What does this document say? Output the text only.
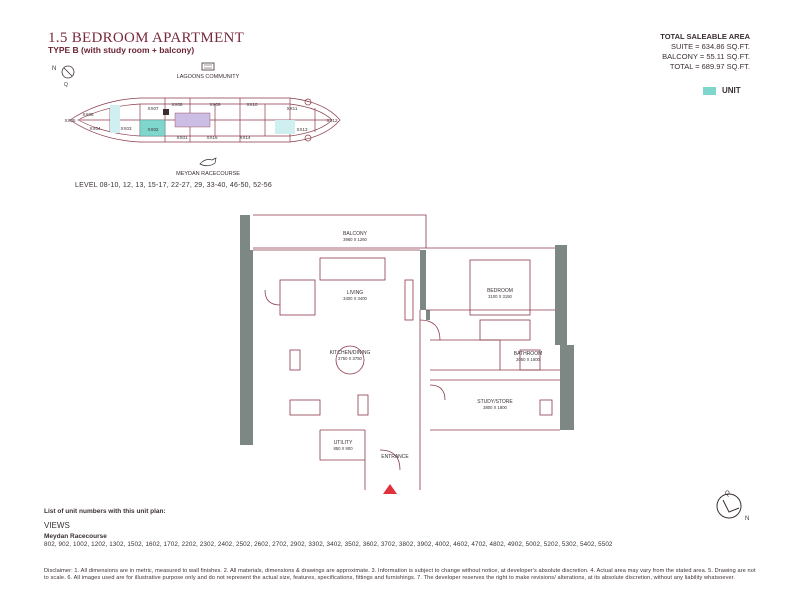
1.5 BEDROOM APARTMENT
TYPE B (with study room + balcony)
TOTAL SALEABLE AREA
SUITE = 634.86 SQ.FT.
BALCONY = 55.11 SQ.FT.
TOTAL = 689.97 SQ.FT.
UNIT
N
Q
LAGOONS COMMUNITY
XX07
XX08	XX09	XX10
XX11
XX06
XX05
XX04	XX03	XX02
XX01	XX16	XX14
XX13
XX12
MEYDAN RACECOURSE
LEVEL 08-10, 12, 13, 15-17, 22-27, 29, 33-40, 46-50, 52-56
BALCONY
3960 X 1260
LIVING
3400 X 3400
KITCHEN/DINING
2750 X 3750
BEDROOM
3100 X 3150
BATHROOM
2050 X 1600
STUDY/STORE
3800 X 1800
UTILITY
850 X 900
ENTRANCE
List of unit numbers with this unit plan:
VIEWS
Meydan Racecourse
802, 902, 1002, 1202, 1302, 1502, 1602, 1702, 2202, 2302, 2402, 2502, 2602, 2702, 2902, 3302, 3402, 3502, 3602, 3702, 3802, 3902, 4002, 4602, 4702, 4802, 4902, 5002, 5202, 5302, 5402, 5502
Disclaimer: 1. All dimensions are in metric, measured to wall finishes. 2. All materials, dimensions & drawings are approximate. 3. Information is subject to change without notice, at developer's absolute discretion. 4. Actual area may vary from the stated area. 5. Drawing are not to scale. 6. All images used are for illustrative purpose only and do not represent the actual size, features, specifications, fittings and furnishings. 7. The developer reserves the right to make revisions/ alterations, at its absolute discretion, without any liability whatsoever.
Q
N
